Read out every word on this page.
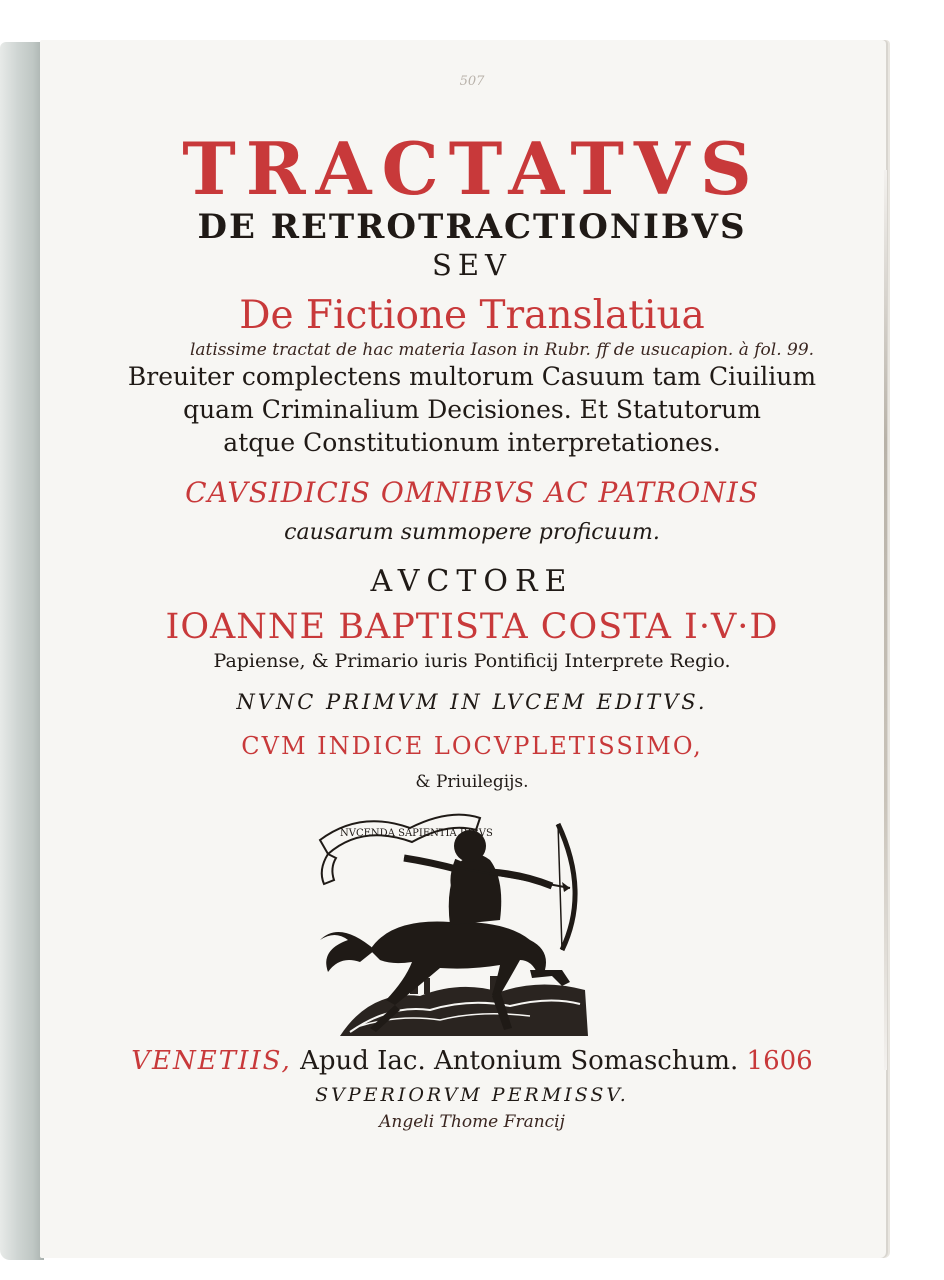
507
TRACTATVS
DE RETROTRACTIONIBVS
SEV
De Fictione Translatiua
latissime tractat de hac materia Iason in Rubr. ff de usucapion. à fol. 99.
Breuiter complectens multorum Casuum tam Ciuilium
quam Criminalium Decisiones. Et Statutorum
atque Constitutionum interpretationes.
CAVSIDICIS OMNIBVS AC PATRONIS
causarum summopere proficuum.
AVCTORE
IOANNE BAPTISTA COSTA I·V·D
Papiense, & Primario iuris Pontificij Interprete Regio.
NVNC PRIMVM IN LVCEM EDITVS.
CVM INDICE LOCVPLETISSIMO,
& Priuilegijs.
NVCENDA SAPIENTIA RIBVS
VENETIIS, Apud Iac. Antonium Somaschum. 1606
SVPERIORVM PERMISSV.
Angeli Thome Francij
